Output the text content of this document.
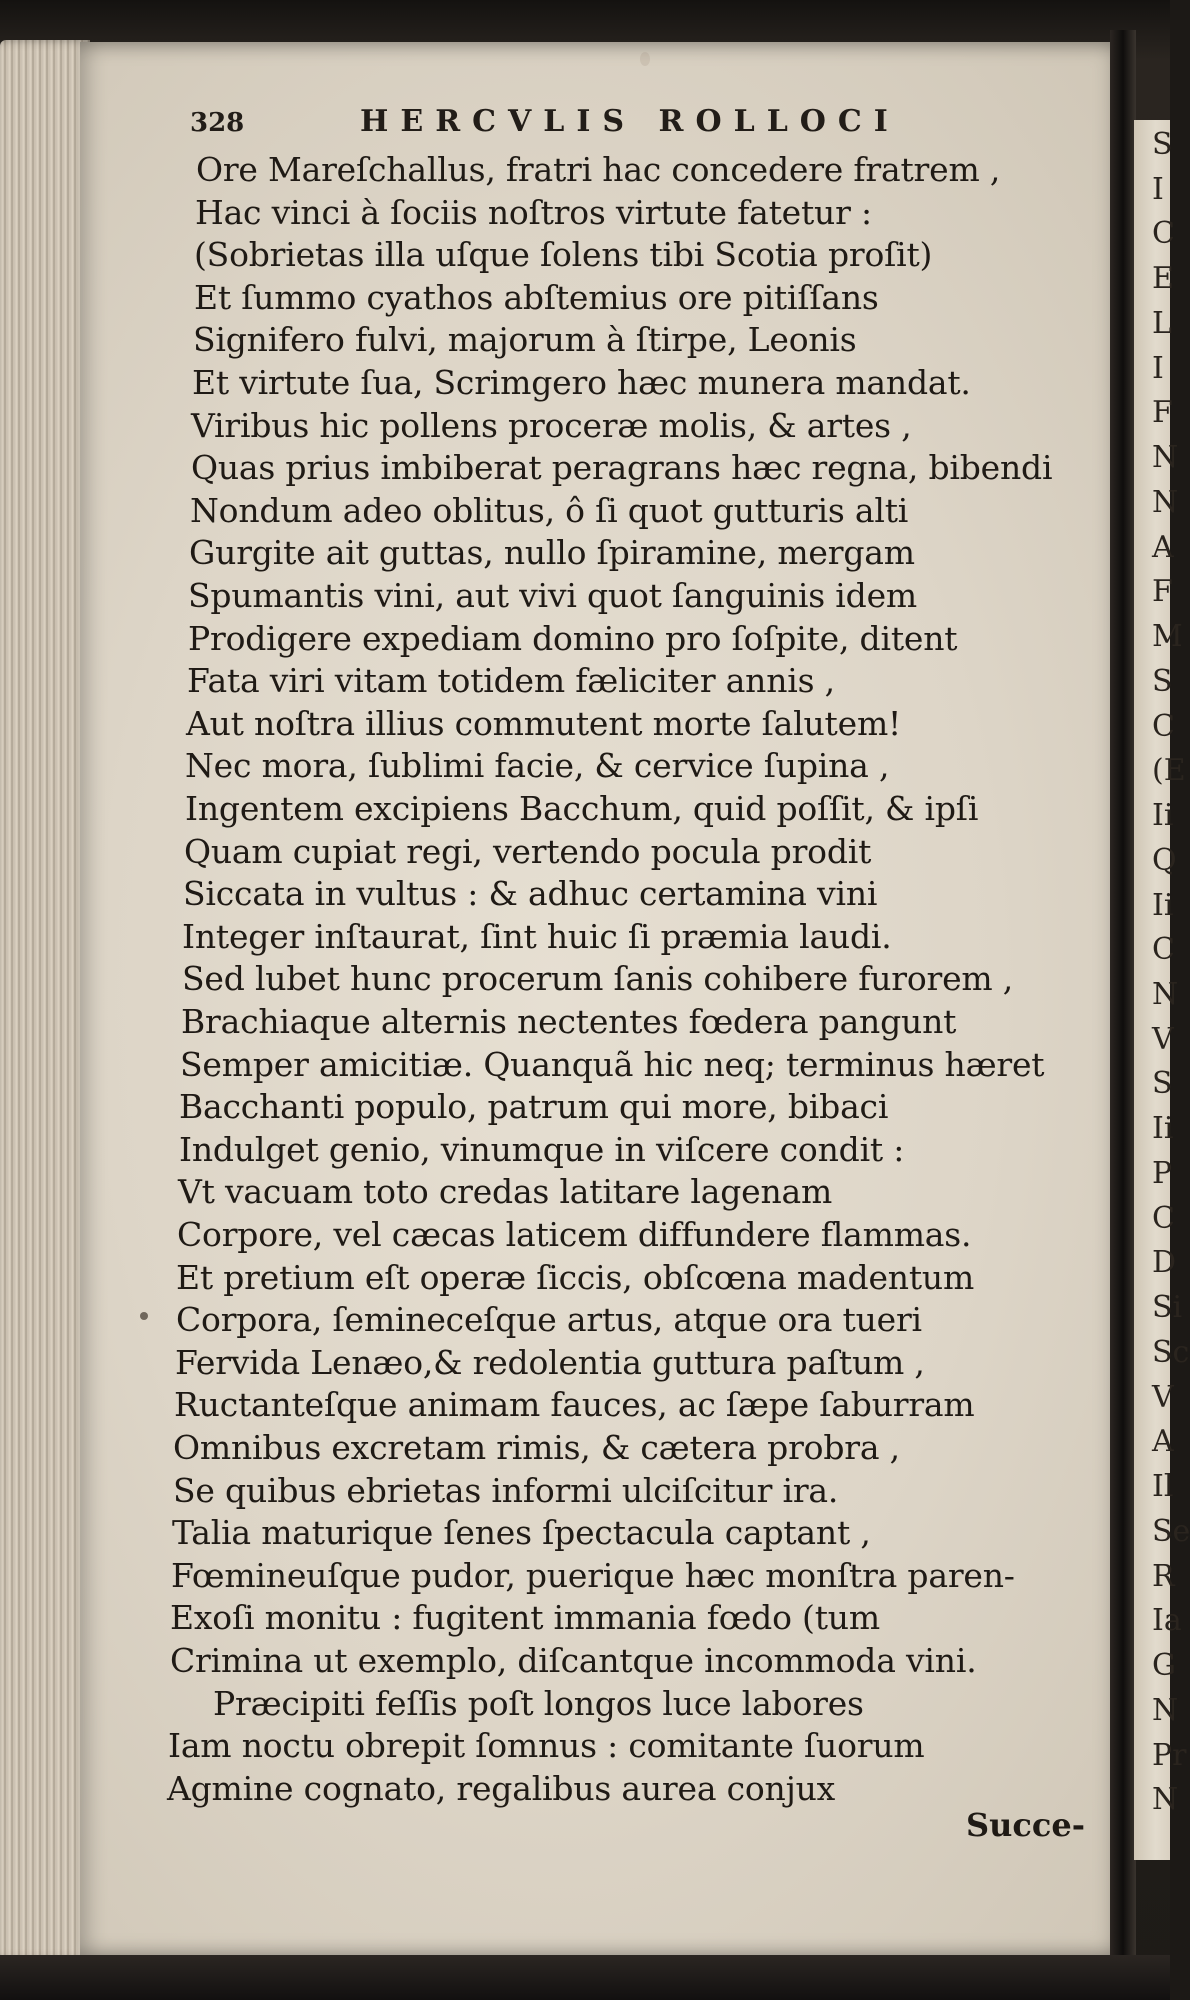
S
I
C
E
L
I
F
N
N
A
F
M
S
C
(E
Ii
Q
Ii
C
N
V
S
Ii
P
C
D
Si
Sc
V
A
Il
Se
R
Ia
G
N
Pr
N
328	HERCVLIS ROLLOCI
Ore Mareſchallus, fratri hac concedere fratrem ,
Hac vinci à ſociis noſtros virtute fatetur :
(Sobrietas illa uſque ſolens tibi Scotia proſit)
Et ſummo cyathos abſtemius ore pitiſſans
Signifero fulvi, majorum à ſtirpe, Leonis
Et virtute ſua, Scrimgero hæc munera mandat.
Viribus hic pollens proceræ molis, & artes ,
Quas prius imbiberat peragrans hæc regna, bibendi
Nondum adeo oblitus, ô ſi quot gutturis alti
Gurgite ait guttas, nullo ſpiramine, mergam
Spumantis vini, aut vivi quot ſanguinis idem
Prodigere expediam domino pro ſoſpite, ditent
Fata viri vitam totidem fæliciter annis ,
Aut noſtra illius commutent morte ſalutem!
Nec mora, ſublimi facie, & cervice ſupina ,
Ingentem excipiens Bacchum, quid poſſit, & ipſi
Quam cupiat regi, vertendo pocula prodit
Siccata in vultus : & adhuc certamina vini
Integer inſtaurat, ſint huic ſi præmia laudi.
Sed lubet hunc procerum ſanis cohibere furorem ,
Brachiaque alternis nectentes fœdera pangunt
Semper amicitiæ. Quanquã hic neq; terminus hæret
Bacchanti populo, patrum qui more, bibaci
Indulget genio, vinumque in viſcere condit :
Vt vacuam toto credas latitare lagenam
Corpore, vel cæcas laticem diffundere flammas.
Et pretium eſt operæ ſiccis, obſcœna madentum
Corpora, ſemineceſque artus, atque ora tueri
Fervida Lenæo,& redolentia guttura paſtum ,
Ructanteſque animam fauces, ac ſæpe ſaburram
Omnibus excretam rimis, & cætera probra ,
Se quibus ebrietas informi ulciſcitur ira.
Talia maturique ſenes ſpectacula captant ,
Fœmineuſque pudor, puerique hæc monſtra paren-
Exoſi monitu : fugitent immania fœdo (tum
Crimina ut exemplo, diſcantque incommoda vini.
Præcipiti feſſis poſt longos luce labores
Iam noctu obrepit ſomnus : comitante ſuorum
Agmine cognato, regalibus aurea conjux
Succe-
